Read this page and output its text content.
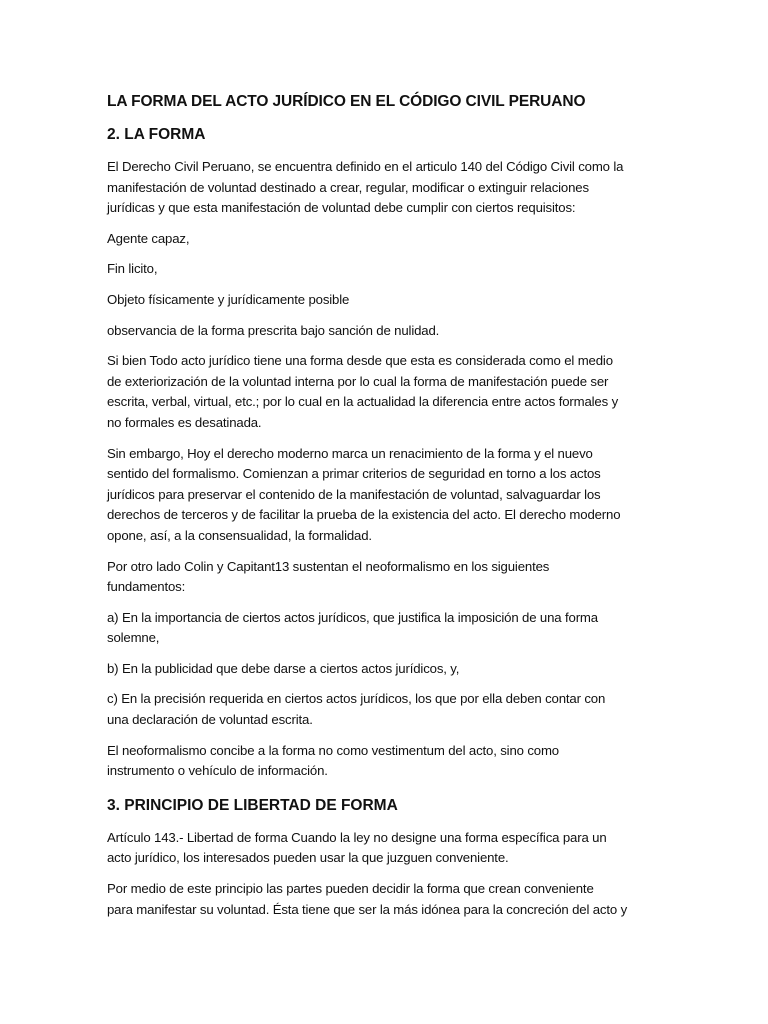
LA FORMA DEL ACTO JURÍDICO EN EL CÓDIGO CIVIL PERUANO
2. LA FORMA
El Derecho Civil Peruano, se encuentra definido en el articulo 140 del Código Civil como la
manifestación de voluntad destinado a crear, regular, modificar o extinguir relaciones
jurídicas y que esta manifestación de voluntad debe cumplir con ciertos requisitos:
Agente capaz,
Fin licito,
Objeto físicamente y jurídicamente posible
observancia de la forma prescrita bajo sanción de nulidad.
Si bien Todo acto jurídico tiene una forma desde que esta es considerada como el medio
de exteriorización de la voluntad interna por lo cual la forma de manifestación puede ser
escrita, verbal, virtual, etc.; por lo cual en la actualidad la diferencia entre actos formales y
no formales es desatinada.
Sin embargo, Hoy el derecho moderno marca un renacimiento de la forma y el nuevo
sentido del formalismo. Comienzan a primar criterios de seguridad en torno a los actos
jurídicos para preservar el contenido de la manifestación de voluntad, salvaguardar los
derechos de terceros y de facilitar la prueba de la existencia del acto. El derecho moderno
opone, así, a la consensualidad, la formalidad.
Por otro lado Colin y Capitant13 sustentan el neoformalismo en los siguientes
fundamentos:
a) En la importancia de ciertos actos jurídicos, que justifica la imposición de una forma
solemne,
b) En la publicidad que debe darse a ciertos actos jurídicos, y,
c) En la precisión requerida en ciertos actos jurídicos, los que por ella deben contar con
una declaración de voluntad escrita.
El neoformalismo concibe a la forma no como vestimentum del acto, sino como
instrumento o vehículo de información.
3. PRINCIPIO DE LIBERTAD DE FORMA
Artículo 143.- Libertad de forma Cuando la ley no designe una forma específica para un
acto jurídico, los interesados pueden usar la que juzguen conveniente.
Por medio de este principio las partes pueden decidir la forma que crean conveniente
para manifestar su voluntad. Ésta tiene que ser la más idónea para la concreción del acto y
